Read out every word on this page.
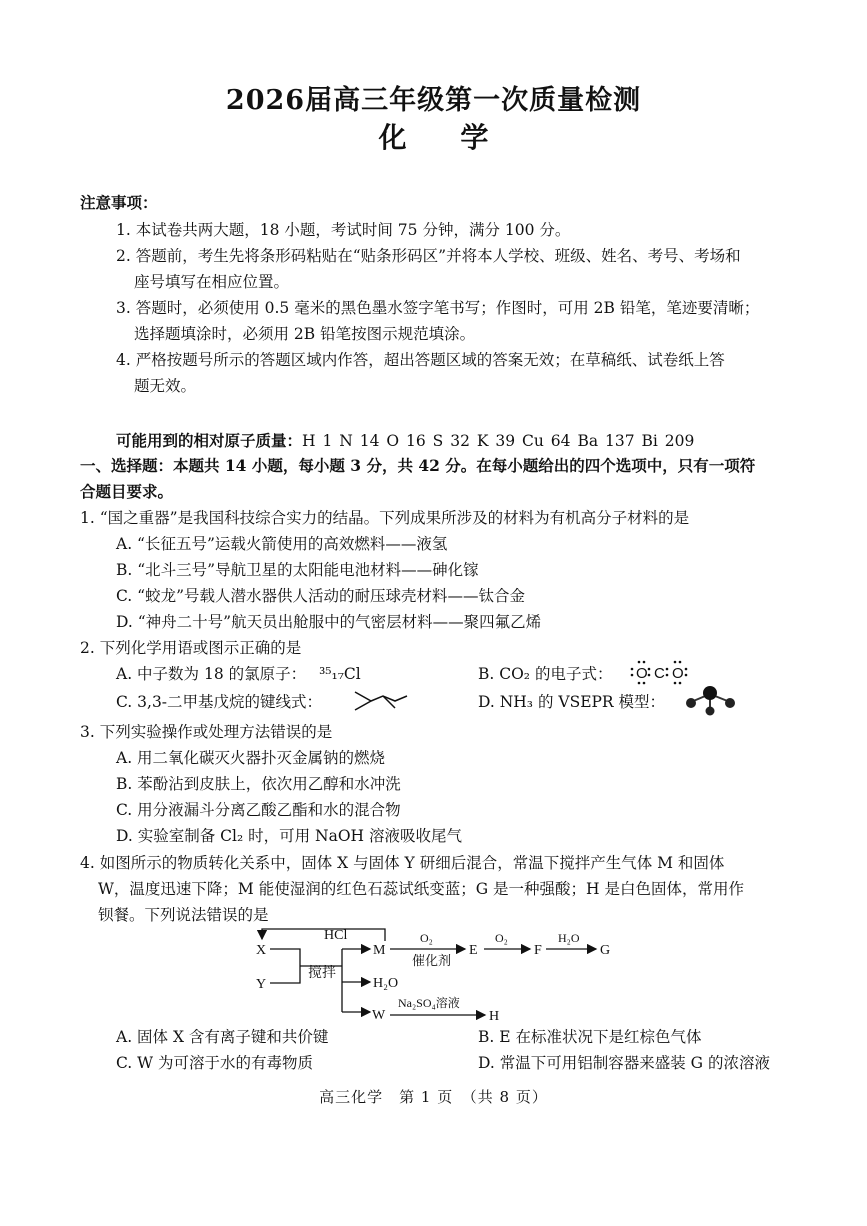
2026届高三年级第一次质量检测
化 学
注意事项：
1. 本试卷共两大题，18 小题，考试时间 75 分钟，满分 100 分。
2. 答题前，考生先将条形码粘贴在“贴条形码区”并将本人学校、班级、姓名、考号、考场和
座号填写在相应位置。
3. 答题时，必须使用 0.5 毫米的黑色墨水签字笔书写；作图时，可用 2B 铅笔，笔迹要清晰；
选择题填涂时，必须用 2B 铅笔按图示规范填涂。
4. 严格按题号所示的答题区域内作答，超出答题区域的答案无效；在草稿纸、试卷纸上答
题无效。
可能用到的相对原子质量：H 1 N 14 O 16 S 32 K 39 Cu 64 Ba 137 Bi 209
一、选择题：本题共 14 小题，每小题 3 分，共 42 分。在每小题给出的四个选项中，只有一项符
合题目要求。
1. “国之重器”是我国科技综合实力的结晶。下列成果所涉及的材料为有机高分子材料的是
A. “长征五号”运载火箭使用的高效燃料——液氢
B. “北斗三号”导航卫星的太阳能电池材料——砷化镓
C. “蛟龙”号载人潜水器供人活动的耐压球壳材料——钛合金
D. “神舟二十号”航天员出舱服中的气密层材料——聚四氟乙烯
2. 下列化学用语或图示正确的是
A. 中子数为 18 的氯原子： ³⁵₁₇Cl	B. CO₂ 的电子式： O C O
C. 3,3-二甲基戊烷的键线式：	D. NH₃ 的 VSEPR 模型：
3. 下列实验操作或处理方法错误的是
A. 用二氧化碳灭火器扑灭金属钠的燃烧
B. 苯酚沾到皮肤上，依次用乙醇和水冲洗
C. 用分液漏斗分离乙酸乙酯和水的混合物
D. 实验室制备 Cl₂ 时，可用 NaOH 溶液吸收尾气
4. 如图所示的物质转化关系中，固体 X 与固体 Y 研细后混合，常温下搅拌产生气体 M 和固体
W，温度迅速下降；M 能使湿润的红色石蕊试纸变蓝；G 是一种强酸；H 是白色固体，常用作
钡餐。下列说法错误的是
HCl
X
Y
搅拌
M
O₂
催化剂
E
O₂
F
H₂O
G
H₂O
W
Na₂SO₄溶液
H
A. 固体 X 含有离子键和共价键	B. E 在标准状况下是红棕色气体
C. W 为可溶于水的有毒物质	D. 常温下可用铝制容器来盛装 G 的浓溶液
高三化学　第 1 页　（共 8 页）
